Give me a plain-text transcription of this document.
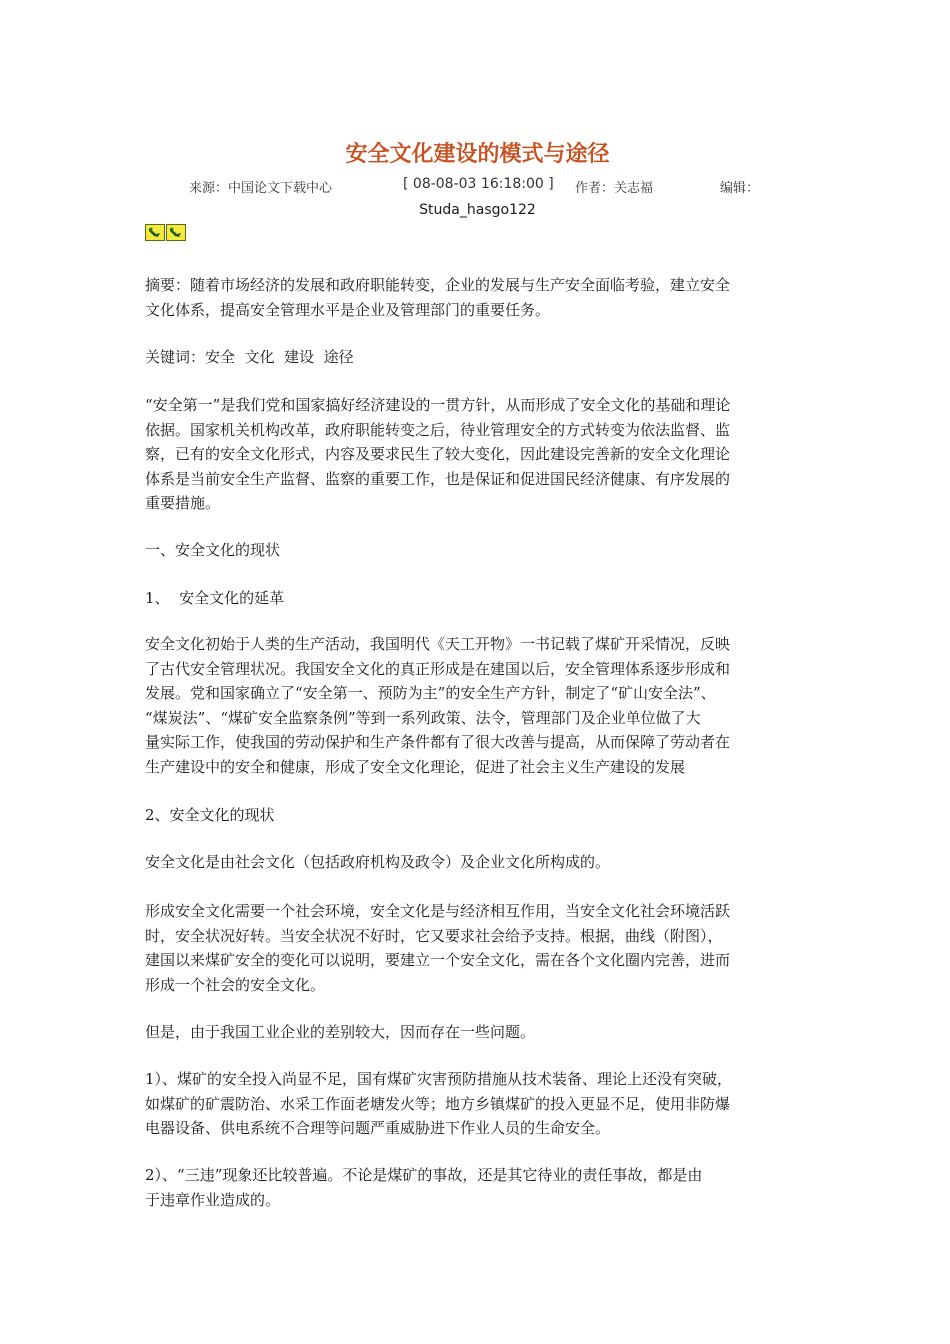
安全文化建设的模式与途径
来源：中国论文下载中心	[ 08-08-03 16:18:00 ] 作者：关志福	编辑：
Studa_hasgo122

摘要：随着市场经济的发展和政府职能转变，企业的发展与生产安全面临考验，建立安全
文化体系，提高安全管理水平是企业及管理部门的重要任务。

关键词：安全  文化  建设  途径

“安全第一”是我们党和国家搞好经济建设的一贯方针，从而形成了安全文化的基础和理论
依据。国家机关机构改革，政府职能转变之后，待业管理安全的方式转变为依法监督、监
察，已有的安全文化形式，内容及要求民生了较大变化，因此建设完善新的安全文化理论
体系是当前安全生产监督、监察的重要工作，也是保证和促进国民经济健康、有序发展的
重要措施。

一、安全文化的现状

1、  安全文化的延革

安全文化初始于人类的生产活动，我国明代《天工开物》一书记载了煤矿开采情况，反映
了古代安全管理状况。我国安全文化的真正形成是在建国以后，安全管理体系逐步形成和
发展。党和国家确立了“安全第一、预防为主”的安全生产方针，制定了“矿山安全法”、
“煤炭法”、“煤矿安全监察条例”等到一系列政策、法令，管理部门及企业单位做了大
量实际工作，使我国的劳动保护和生产条件都有了很大改善与提高，从而保障了劳动者在
生产建设中的安全和健康，形成了安全文化理论，促进了社会主义生产建设的发展

2、安全文化的现状

安全文化是由社会文化（包括政府机构及政令）及企业文化所构成的。

形成安全文化需要一个社会环境，安全文化是与经济相互作用，当安全文化社会环境活跃
时，安全状况好转。当安全状况不好时，它又要求社会给予支持。根据，曲线（附图），
建国以来煤矿安全的变化可以说明，要建立一个安全文化，需在各个文化圈内完善，进而
形成一个社会的安全文化。

但是，由于我国工业企业的差别较大，因而存在一些问题。

1）、煤矿的安全投入尚显不足，国有煤矿灾害预防措施从技术装备、理论上还没有突破，
如煤矿的矿震防治、水采工作面老塘发火等；地方乡镇煤矿的投入更显不足，使用非防爆
电器设备、供电系统不合理等问题严重威胁进下作业人员的生命安全。

2）、“三违”现象还比较普遍。不论是煤矿的事故，还是其它待业的责任事故，都是由
于违章作业造成的。
